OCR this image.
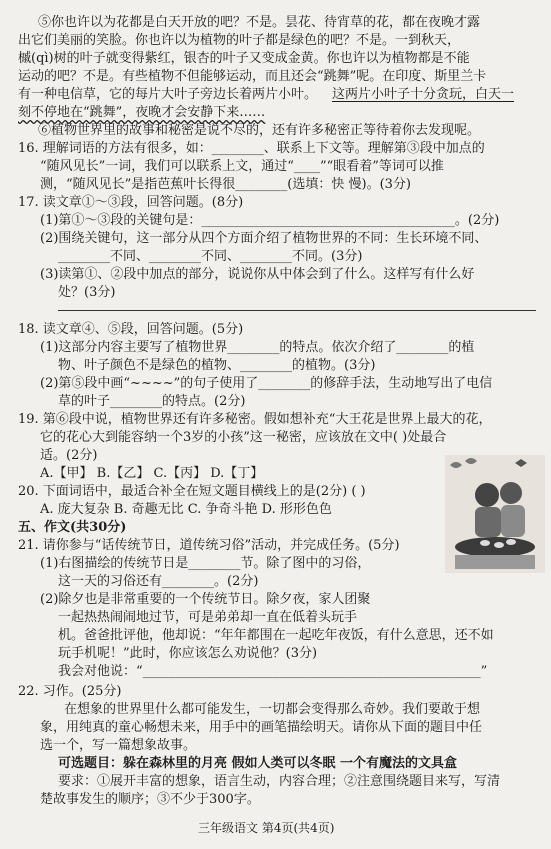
⑤你也许以为花都是白天开放的吧？不是。昙花、待宵草的花，都在夜晚才露
出它们美丽的笑脸。你也许以为植物的叶子都是绿色的吧？不是。一到秋天，
槭(qì)树的叶子就变得紫红，银杏的叶子又变成金黄。你也许以为植物都是不能
运动的吧？不是。有些植物不但能够运动，而且还会“跳舞”呢。在印度、斯里兰卡
有一种电信草，它的每片大叶子旁边长着两片小叶。
刻不停地在“跳舞”，夜晚才会安静下来……
⑥植物世界里的故事和秘密是说不尽的，还有许多秘密正等待着你去发现呢。
16. 理解词语的方法有很多，如：________、联系上下文等。理解第③段中加点的
“随风见长”一词，我们可以联系上文，通过“____”“眼看着”等词可以推
测，“随风见长”是指芭蕉叶长得很________(选填：快 慢)。(3分)
17. 读文章①～③段，回答问题。(8分)
(1)第①～③段的关键句是：_______________________________________。(2分)
(2)围绕关键句，这一部分从四个方面介绍了植物世界的不同：生长环境不同、
________不同、________不同、________不同。(3分)
(3)读第①、②段中加点的部分，说说你从中体会到了什么。这样写有什么好
处？(3分)
18. 读文章④、⑤段，回答问题。(5分)
(1)这部分内容主要写了植物世界________的特点。依次介绍了________的植
物、叶子颜色不是绿色的植物、________的植物。(3分)
(2)第⑤段中画“~~~~”的句子使用了________的修辞手法，生动地写出了电信
草的叶子________的特点。(2分)
19. 第⑥段中说，植物世界还有许多秘密。假如想补充“大王花是世界上最大的花，
它的花心大到能容纳一个3岁的小孩”这一秘密，应该放在文中( )处最合
适。(2分)
A.【甲】 B.【乙】 C.【丙】 D.【丁】
20. 下面词语中，最适合补全在短文题目横线上的是(2分) ( )
A. 庞大复杂 B. 奇趣无比 C. 争奇斗艳 D. 形形色色
五、作文(共30分)
21. 请你参与“话传统节日，道传统习俗”活动，并完成任务。(5分)
(1)右图描绘的传统节日是________节。除了图中的习俗，
这一天的习俗还有________。(2分)
(2)除夕也是非常重要的一个传统节日。除夕夜，家人团聚
一起热热闹闹地过节，可是弟弟却一直在低着头玩手
机。爸爸批评他，他却说：“年年都围在一起吃年夜饭，有什么意思，还不如
玩手机呢！”此时，你应该怎么劝说他？(3分)
我会对他说：“____________________________________________________”
22. 习作。(25分)
在想象的世界里什么都可能发生，一切都会变得那么奇妙。我们要敢于想
象，用纯真的童心畅想未来，用手中的画笔描绘明天。请你从下面的题目中任
选一个，写一篇想象故事。
可选题目：躲在森林里的月亮 假如人类可以冬眠 一个有魔法的文具盒
要求：①展开丰富的想象，语言生动，内容合理；②注意围绕题目来写，写清
楚故事发生的顺序；③不少于300字。
三年级语文 第4页(共4页)
这两片小叶子十分贪玩，白天一
